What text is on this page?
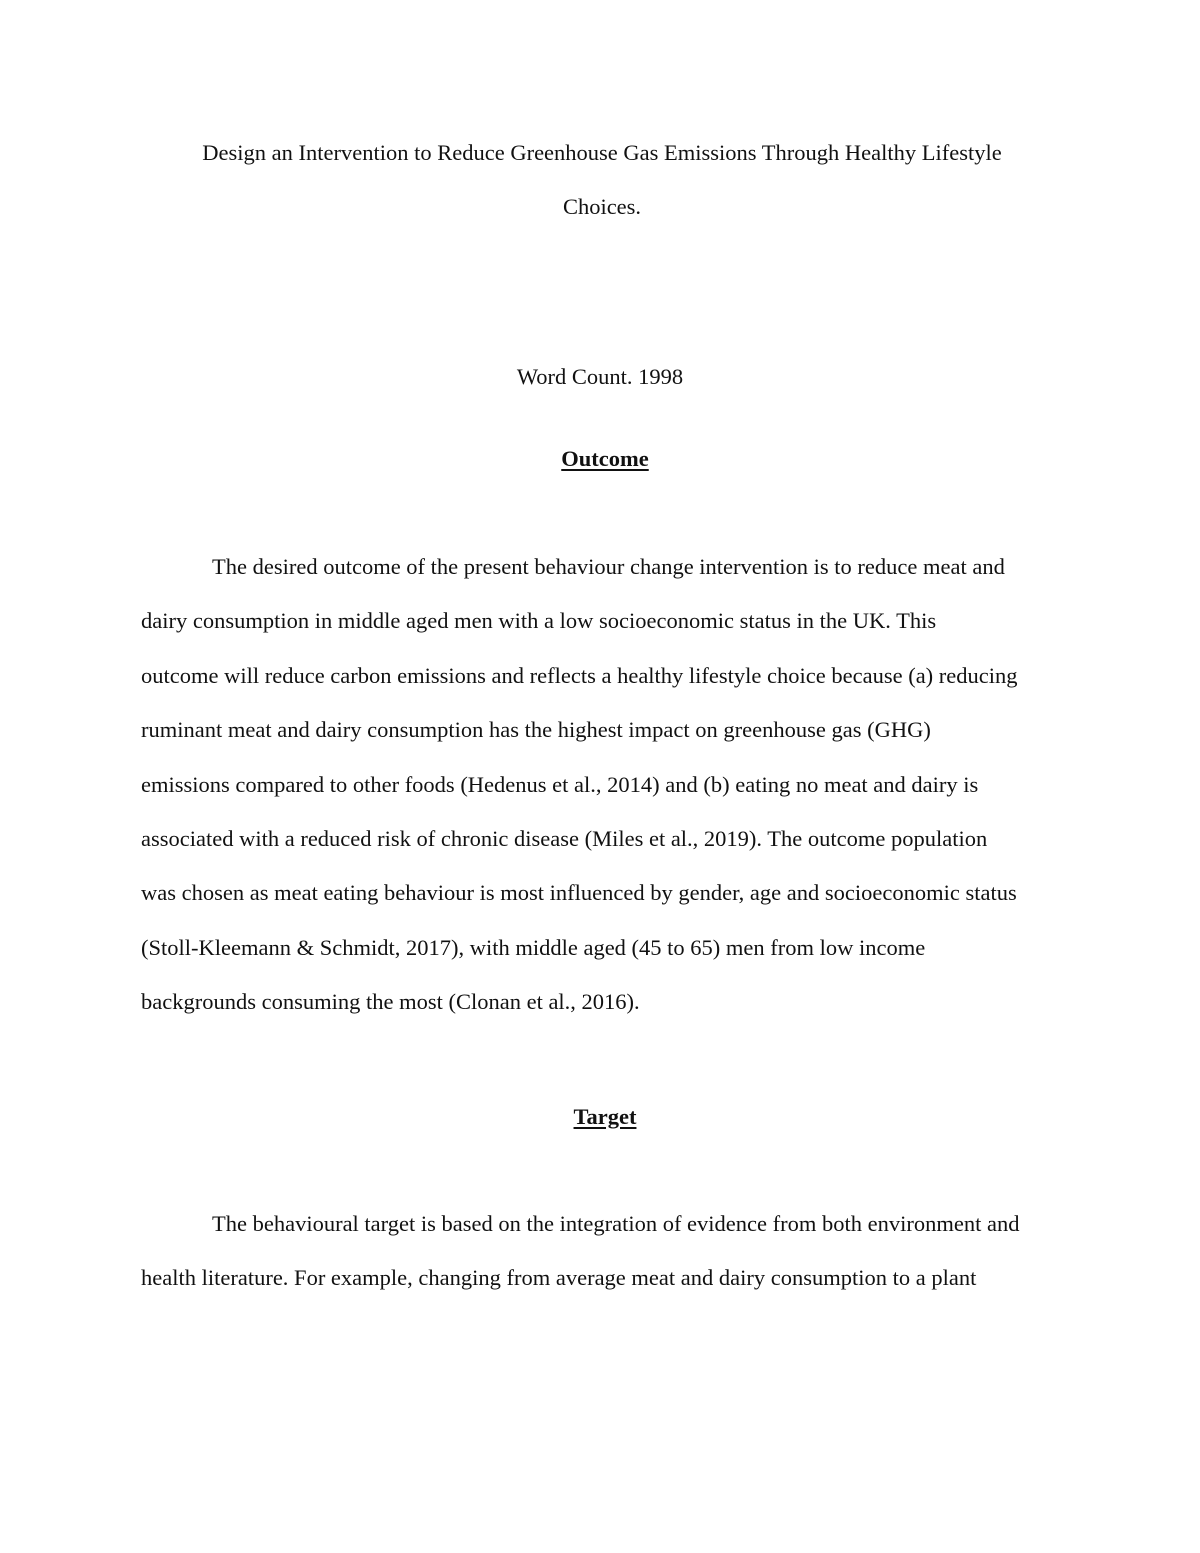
Design an Intervention to Reduce Greenhouse Gas Emissions Through Healthy Lifestyle
Choices.
Word Count. 1998
Outcome
The desired outcome of the present behaviour change intervention is to reduce meat and
dairy consumption in middle aged men with a low socioeconomic status in the UK. This
outcome will reduce carbon emissions and reflects a healthy lifestyle choice because (a) reducing
ruminant meat and dairy consumption has the highest impact on greenhouse gas (GHG)
emissions compared to other foods (Hedenus et al., 2014) and (b) eating no meat and dairy is
associated with a reduced risk of chronic disease (Miles et al., 2019). The outcome population
was chosen as meat eating behaviour is most influenced by gender, age and socioeconomic status
(Stoll-Kleemann & Schmidt, 2017), with middle aged (45 to 65) men from low income
backgrounds consuming the most (Clonan et al., 2016).
Target
The behavioural target is based on the integration of evidence from both environment and
health literature. For example, changing from average meat and dairy consumption to a plant
